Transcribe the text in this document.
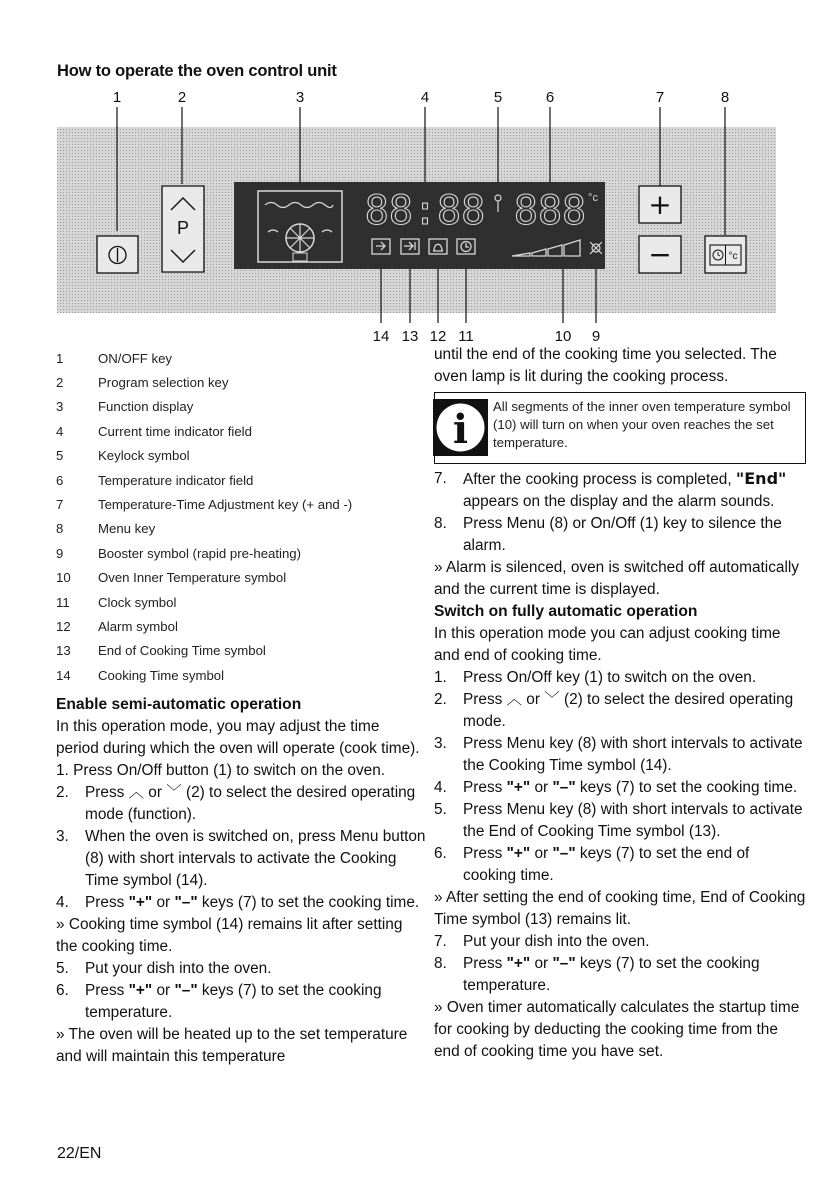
How to operate the oven control unit
1	2	3	4	5	6	7	8
14 13 12 11	10 9
P	88:88 888 °c +
−	°c
1	ON/OFF key
2	Program selection key
3	Function display
4	Current time indicator field
5	Keylock symbol
6	Temperature indicator field
7	Temperature-Time Adjustment key (+ and -)
8	Menu key
9	Booster symbol (rapid pre-heating)
10	Oven Inner Temperature symbol
11	Clock symbol
12	Alarm symbol
13	End of Cooking Time symbol
14	Cooking Time symbol

Enable semi-automatic operation

In this operation mode, you may adjust the time period during which the oven will operate (cook time).

1. Press On/Off button (1) to switch on the oven.

2. Press ︿ or ﹀ (2) to select the desired operating mode (function).
3. When the oven is switched on, press Menu button (8) with short intervals to activate the Cooking Time symbol (14).
4. Press "+" or "–" keys (7) to set the cooking time.

» Cooking time symbol (14) remains lit after setting the cooking time.

5. Put your dish into the oven.
6. Press "+" or "–" keys (7) to set the cooking temperature.

» The oven will be heated up to the set temperature and will maintain this temperature

until the end of the cooking time you selected. The oven lamp is lit during the cooking process.

i All segments of the inner oven temperature symbol (10) will turn on when your oven reaches the set temperature.
7. After the cooking process is completed, "End" appears on the display and the alarm sounds.
8. Press Menu (8) or On/Off (1) key to silence the alarm.

» Alarm is silenced, oven is switched off automatically and the current time is displayed.

Switch on fully automatic operation

In this operation mode you can adjust cooking time and end of cooking time.

1. Press On/Off key (1) to switch on the oven.
2. Press ︿ or ﹀ (2) to select the desired operating mode.
3. Press Menu key (8) with short intervals to activate the Cooking Time symbol (14).
4. Press "+" or "–" keys (7) to set the cooking time.
5. Press Menu key (8) with short intervals to activate the End of Cooking Time symbol (13).
6. Press "+" or "–" keys (7) to set the end of cooking time.

» After setting the end of cooking time, End of Cooking Time symbol (13) remains lit.

7. Put your dish into the oven.
8. Press "+" or "–" keys (7) to set the cooking temperature.

» Oven timer automatically calculates the startup time for cooking by deducting the cooking time from the end of cooking time you have set.

22/EN
